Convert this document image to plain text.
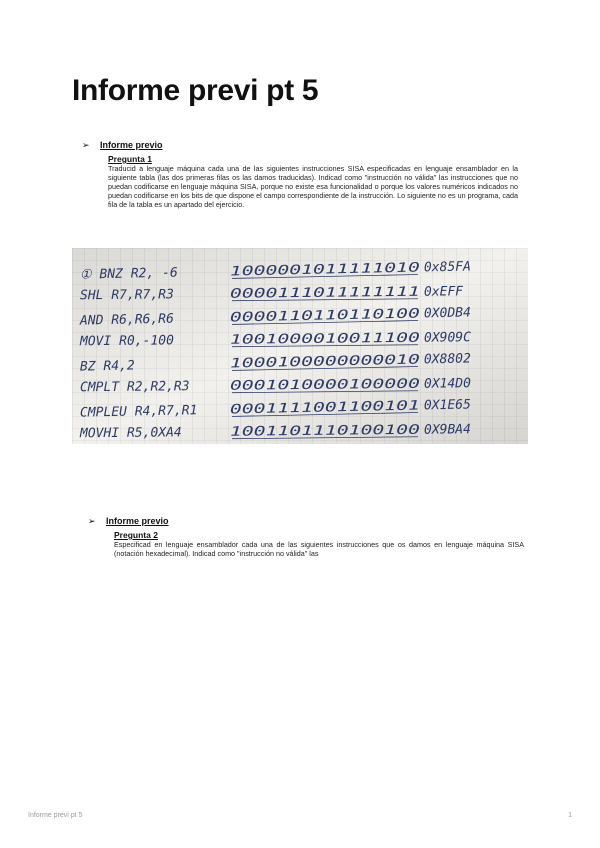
Informe previ pt 5
➢	Informe previo
Pregunta 1
Traducid a lenguaje máquina cada una de las siguientes instrucciones SISA especificadas en lenguaje ensamblador en la siguiente tabla (las dos primeras filas os las damos traducidas). Indicad como "instrucción no válida" las instrucciones que no puedan codificarse en lenguaje máquina SISA, porque no existe esa funcionalidad o porque los valores numéricos indicados no puedan codificarse en los bits de que dispone el campo correspondiente de la instrucción. Lo siguiente no es un programa, cada fila de la tabla es un apartado del ejercicio.
① BNZ R2, -6	1000001011111010	0x85FA
SHL R7,R7,R3	0000111011111111	0xEFF
AND R6,R6,R6	0000110110110100	0X0DB4
MOVI R0,-100	1001000010011100	0X909C
BZ R4,2	1000100000000010	0X8802
CMPLT R2,R2,R3	0001010000100000	0X14D0
CMPLEU R4,R7,R1 0001111001100101	0X1E65
MOVHI R5,0XA4	1001101110100100	0X9BA4
➢	Informe previo
Pregunta 2
Especificad en lenguaje ensamblador cada una de las siguientes instrucciones que os damos en lenguaje máquina SISA (notación hexadecimal). Indicad como "instrucción no válida" las
Informe previ pt 5	1
